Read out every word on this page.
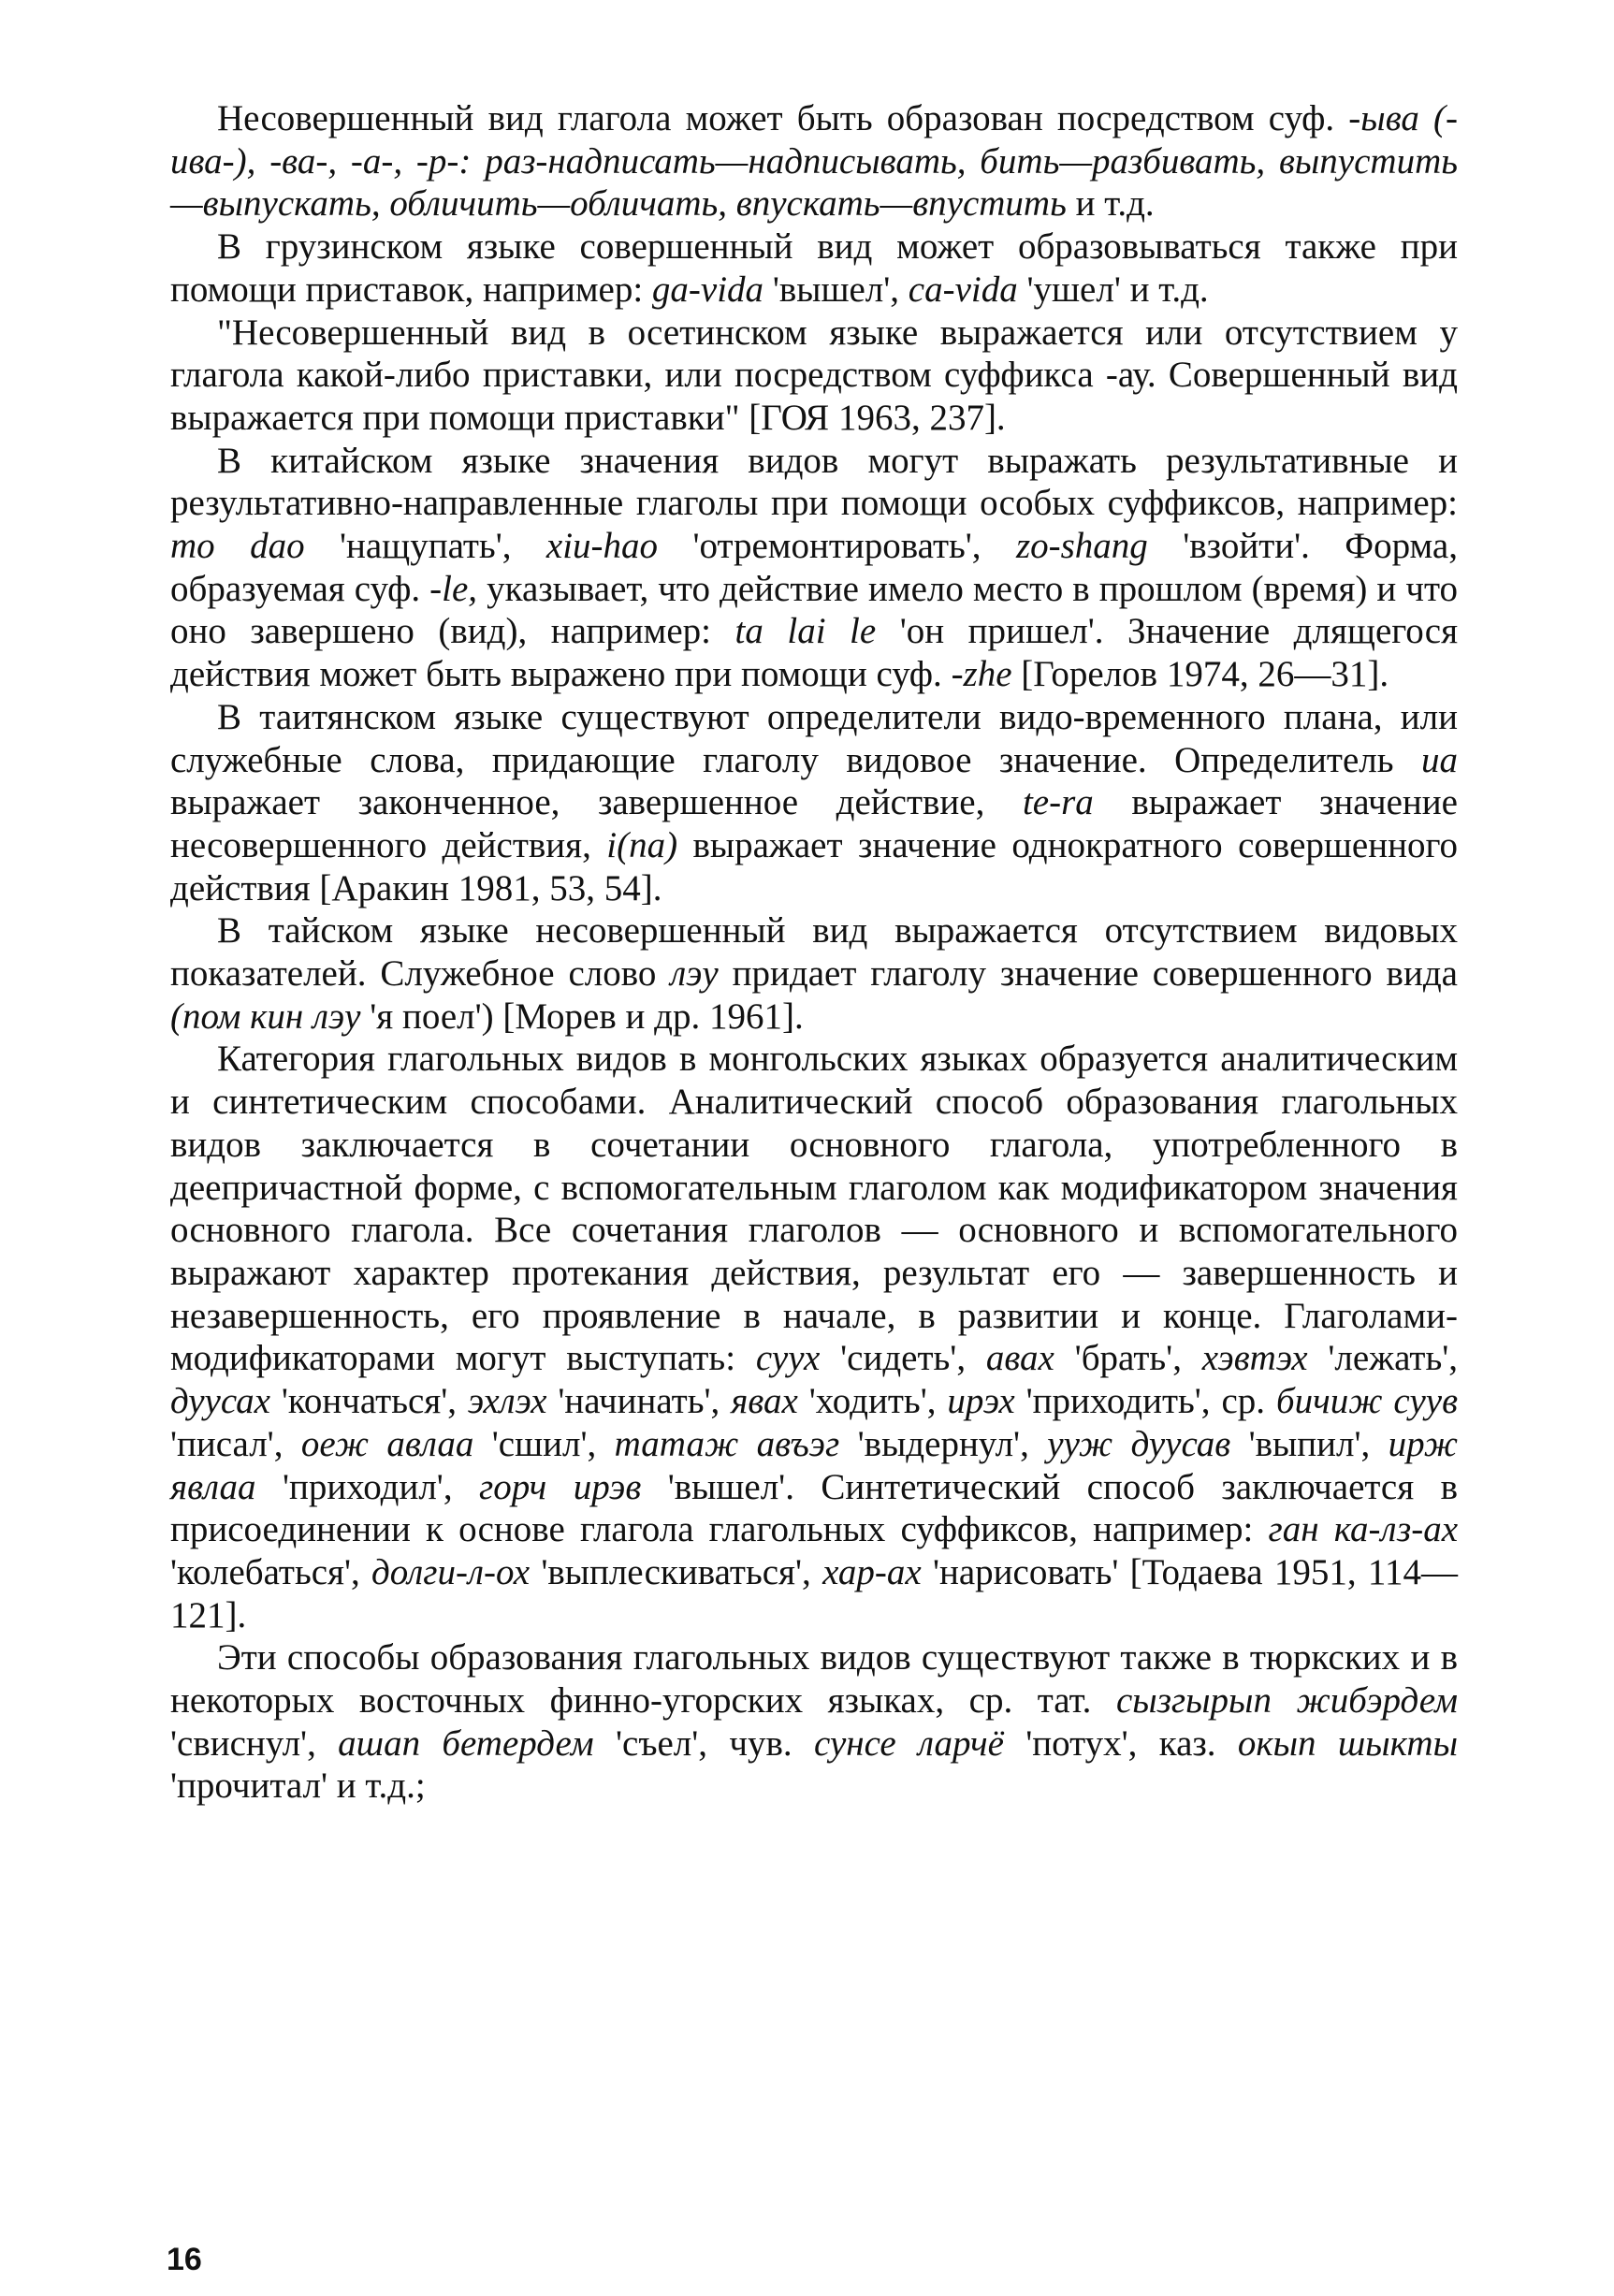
Несовершенный вид глагола может быть образован посредством суф. -ыва (-ива-), -ва-, -а-, -р-: раз-надписать—надписывать, бить—разбивать, выпустить—выпускать, обличить—обличать, впускать—впустить и т.д.

В грузинском языке совершенный вид может образовываться также при помощи приставок, например: ga-vida 'вышел', ca-vida 'ушел' и т.д.

"Несовершенный вид в осетинском языке выражается или отсутствием у глагола какой-либо приставки, или посредством суффикса -ау. Совершенный вид выражается при помощи приставки" [ГОЯ 1963, 237].

В китайском языке значения видов могут выражать результативные и результативно-направленные глаголы при помощи особых суффиксов, например: mo dao 'нащупать', xiu-hao 'отремонтировать', zo-shang 'взойти'. Форма, образуемая суф. -le, указывает, что действие имело место в прошлом (время) и что оно завершено (вид), например: ta lai le 'он пришел'. Значение длящегося действия может быть выражено при помощи суф. -zhe [Горелов 1974, 26—31].

В таитянском языке существуют определители видо-временного плана, или служебные слова, придающие глаголу видовое значение. Определитель ua выражает законченное, завершенное действие, te-ra выражает значение несовершенного действия, i(na) выражает значение однократного совершенного действия [Аракин 1981, 53, 54].

В тайском языке несовершенный вид выражается отсутствием видовых показателей. Служебное слово лэу придает глаголу значение совершенного вида (пом кин лэу 'я поел') [Морев и др. 1961].

Категория глагольных видов в монгольских языках образуется аналитическим и синтетическим способами. Аналитический способ образования глагольных видов заключается в сочетании основного глагола, употребленного в деепричастной форме, с вспомогательным глаголом как модификатором значения основного глагола. Все сочетания глаголов — основного и вспомогательного выражают характер протекания действия, результат его — завершенность и незавершенность, его проявление в начале, в развитии и конце. Глаголами-модификаторами могут выступать: суух 'сидеть', авах 'брать', хэвтэх 'лежать', дуусах 'кончаться', эхлэх 'начинать', явах 'ходить', ирэх 'приходить', ср. бичиж суув 'писал', оеж авлаа 'сшил', татаж авъэг 'выдернул', ууж дуусав 'выпил', ирж явлаа 'приходил', горч ирэв 'вышел'. Синтетический способ заключается в присоединении к основе глагола глагольных суффиксов, например: ган ка-лз-ах 'колебаться', долги-л-ох 'выплескиваться', хар-ах 'нарисовать' [Тодаева 1951, 114—121].

Эти способы образования глагольных видов существуют также в тюркских и в некоторых восточных финно-угорских языках, ср. тат. сызгырып жибэрдем 'свиснул', ашап бетердем 'съел', чув. сунсе ларчё 'потух', каз. окып шыкты 'прочитал' и т.д.;

16
